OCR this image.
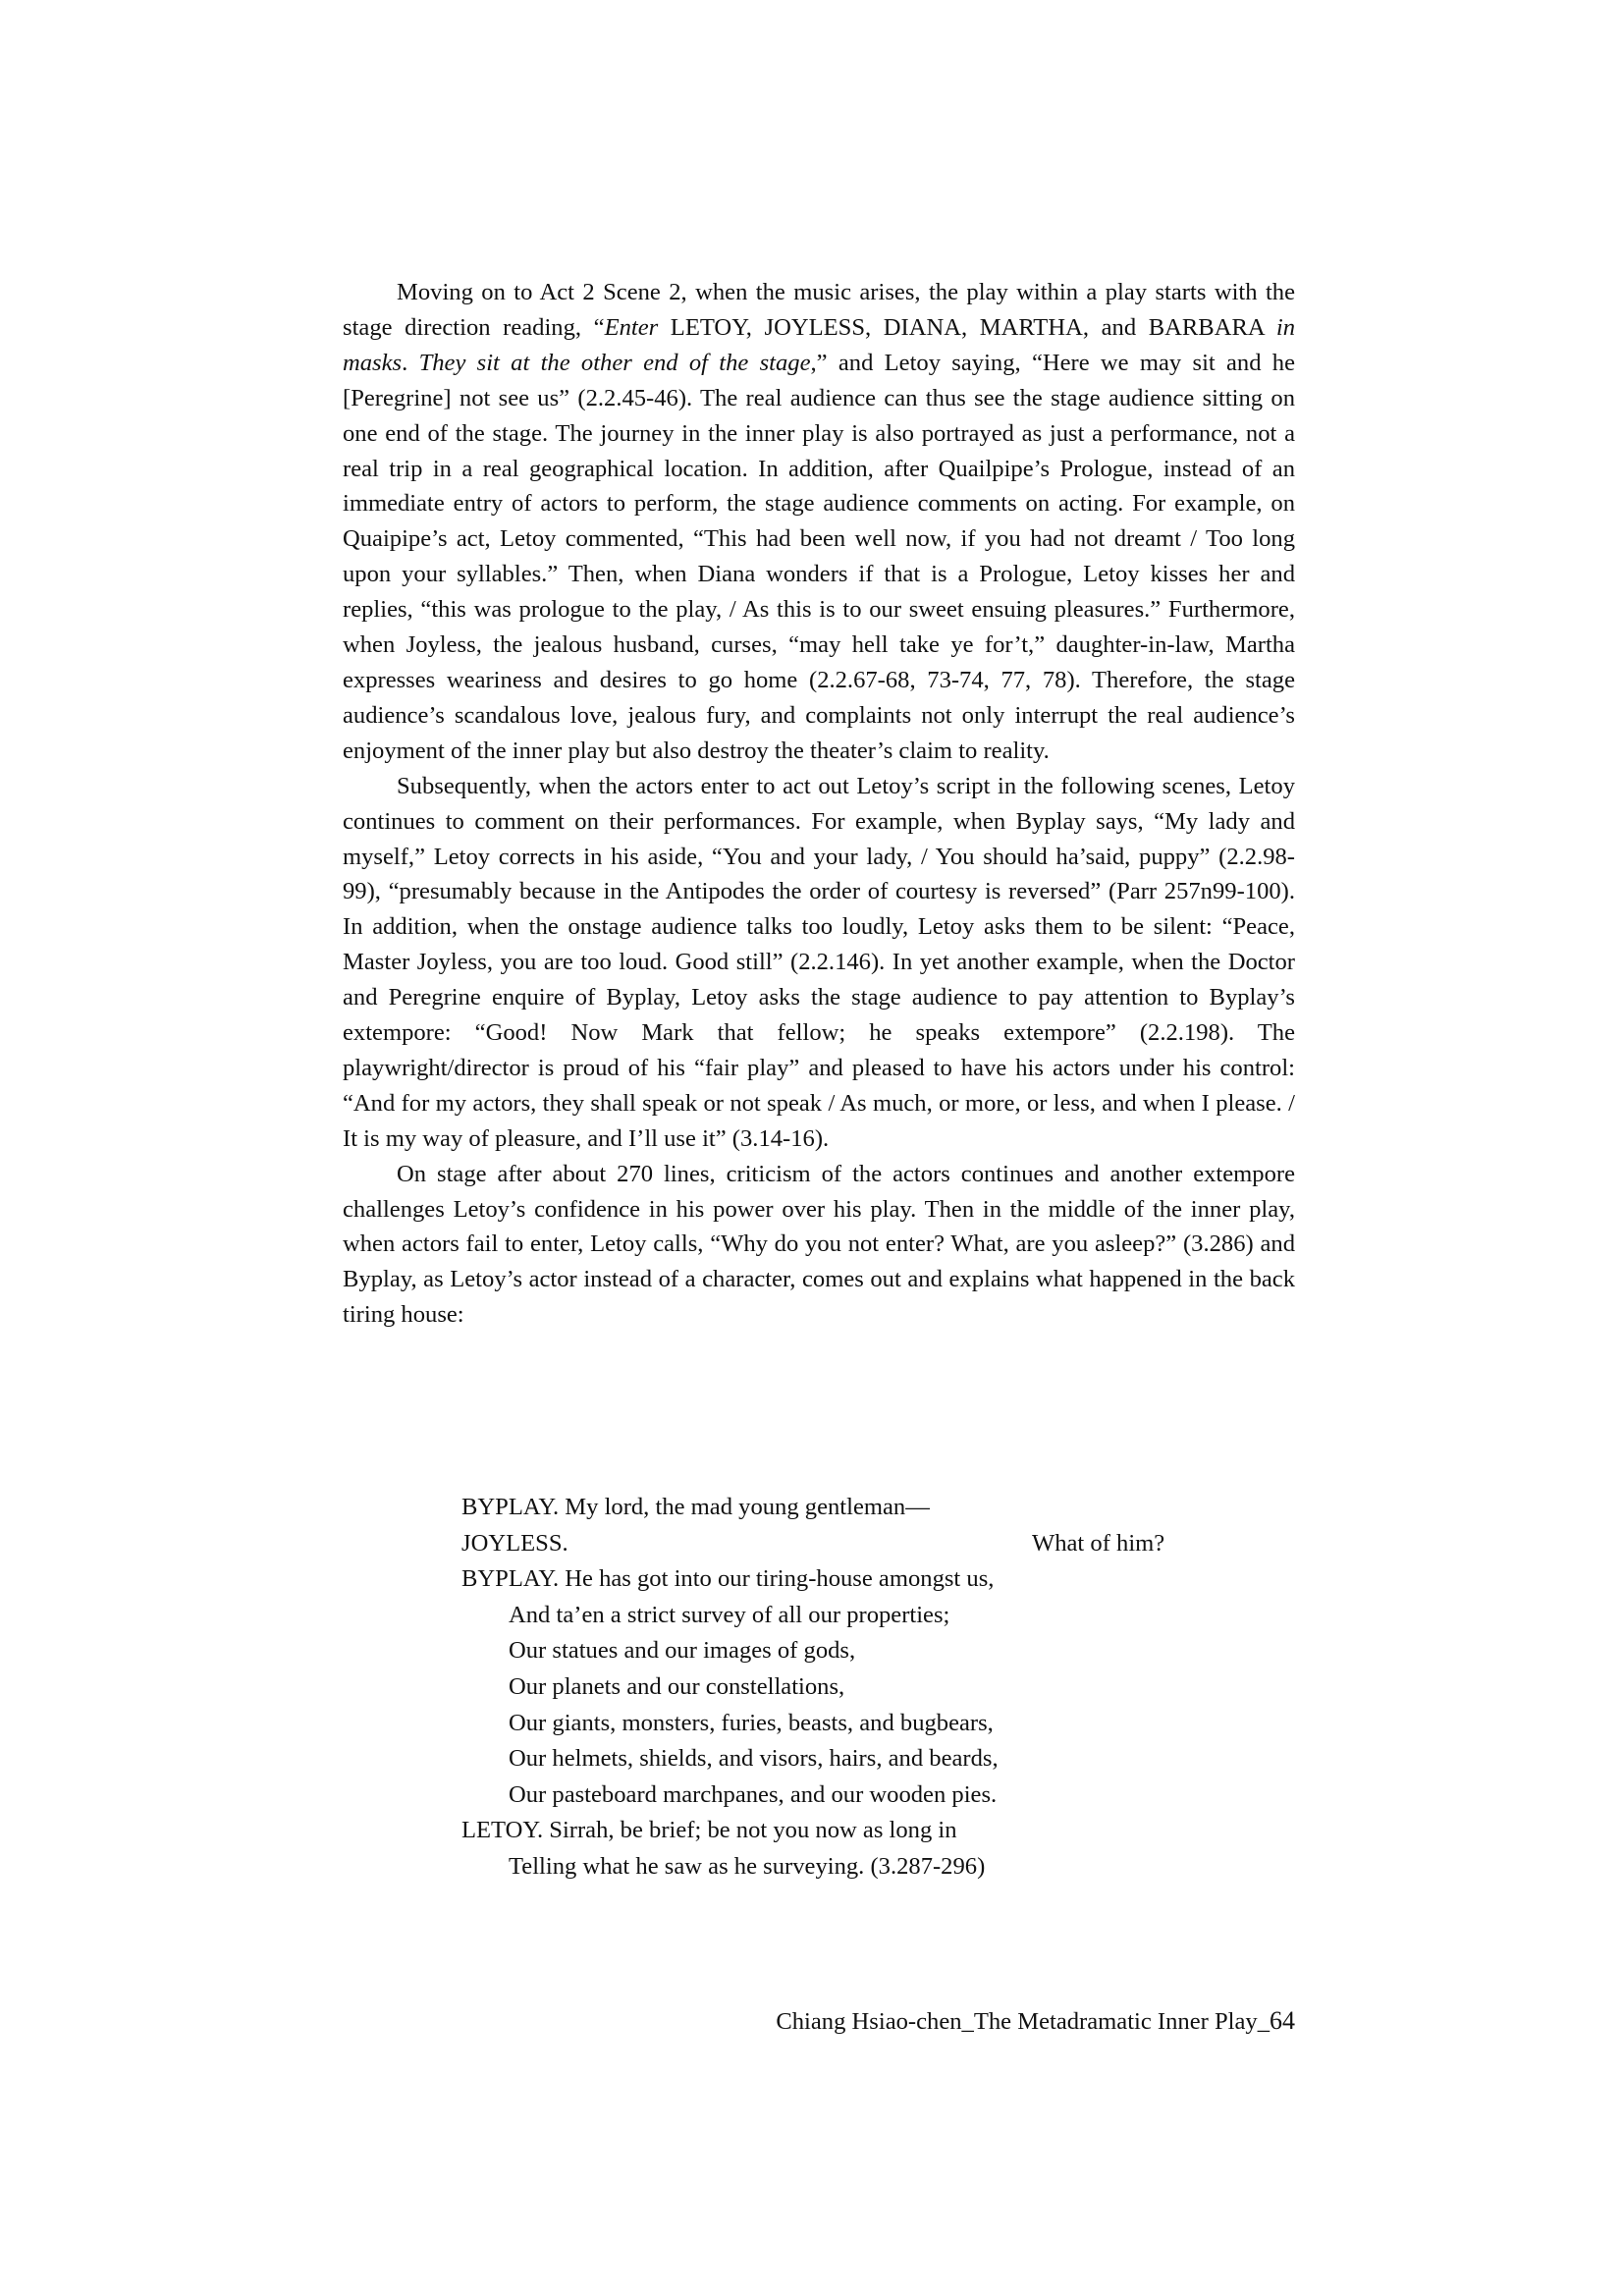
Moving on to Act 2 Scene 2, when the music arises, the play within a play starts with the stage direction reading, “Enter LETOY, JOYLESS, DIANA, MARTHA, and BARBARA in masks. They sit at the other end of the stage,” and Letoy saying, “Here we may sit and he [Peregrine] not see us” (2.2.45-46). The real audience can thus see the stage audience sitting on one end of the stage. The journey in the inner play is also portrayed as just a performance, not a real trip in a real geographical location. In addition, after Quailpipe’s Prologue, instead of an immediate entry of actors to perform, the stage audience comments on acting. For example, on Quaipipe’s act, Letoy commented, “This had been well now, if you had not dreamt / Too long upon your syllables.” Then, when Diana wonders if that is a Prologue, Letoy kisses her and replies, “this was prologue to the play, / As this is to our sweet ensuing pleasures.” Furthermore, when Joyless, the jealous husband, curses, “may hell take ye for’t,” daughter-in-law, Martha expresses weariness and desires to go home (2.2.67-68, 73-74, 77, 78). Therefore, the stage audience’s scandalous love, jealous fury, and complaints not only interrupt the real audience’s enjoyment of the inner play but also destroy the theater’s claim to reality.

Subsequently, when the actors enter to act out Letoy’s script in the following scenes, Letoy continues to comment on their performances. For example, when Byplay says, “My lady and myself,” Letoy corrects in his aside, “You and your lady, / You should ha’said, puppy” (2.2.98-99), “presumably because in the Antipodes the order of courtesy is reversed” (Parr 257n99-100). In addition, when the onstage audience talks too loudly, Letoy asks them to be silent: “Peace, Master Joyless, you are too loud. Good still” (2.2.146). In yet another example, when the Doctor and Peregrine enquire of Byplay, Letoy asks the stage audience to pay attention to Byplay’s extempore: “Good! Now Mark that fellow; he speaks extempore” (2.2.198). The playwright/director is proud of his “fair play” and pleased to have his actors under his control: “And for my actors, they shall speak or not speak / As much, or more, or less, and when I please. / It is my way of pleasure, and I’ll use it” (3.14-16).

On stage after about 270 lines, criticism of the actors continues and another extempore challenges Letoy’s confidence in his power over his play. Then in the middle of the inner play, when actors fail to enter, Letoy calls, “Why do you not enter? What, are you asleep?” (3.286) and Byplay, as Letoy’s actor instead of a character, comes out and explains what happened in the back tiring house:

BYPLAY. My lord, the mad young gentleman—
JOYLESS.	What of him?
BYPLAY. He has got into our tiring-house amongst us,
And ta’en a strict survey of all our properties;
Our statues and our images of gods,
Our planets and our constellations,
Our giants, monsters, furies, beasts, and bugbears,
Our helmets, shields, and visors, hairs, and beards,
Our pasteboard marchpanes, and our wooden pies.
LETOY. Sirrah, be brief; be not you now as long in
Telling what he saw as he surveying. (3.287-296)
Chiang Hsiao-chen_The Metadramatic Inner Play_64
